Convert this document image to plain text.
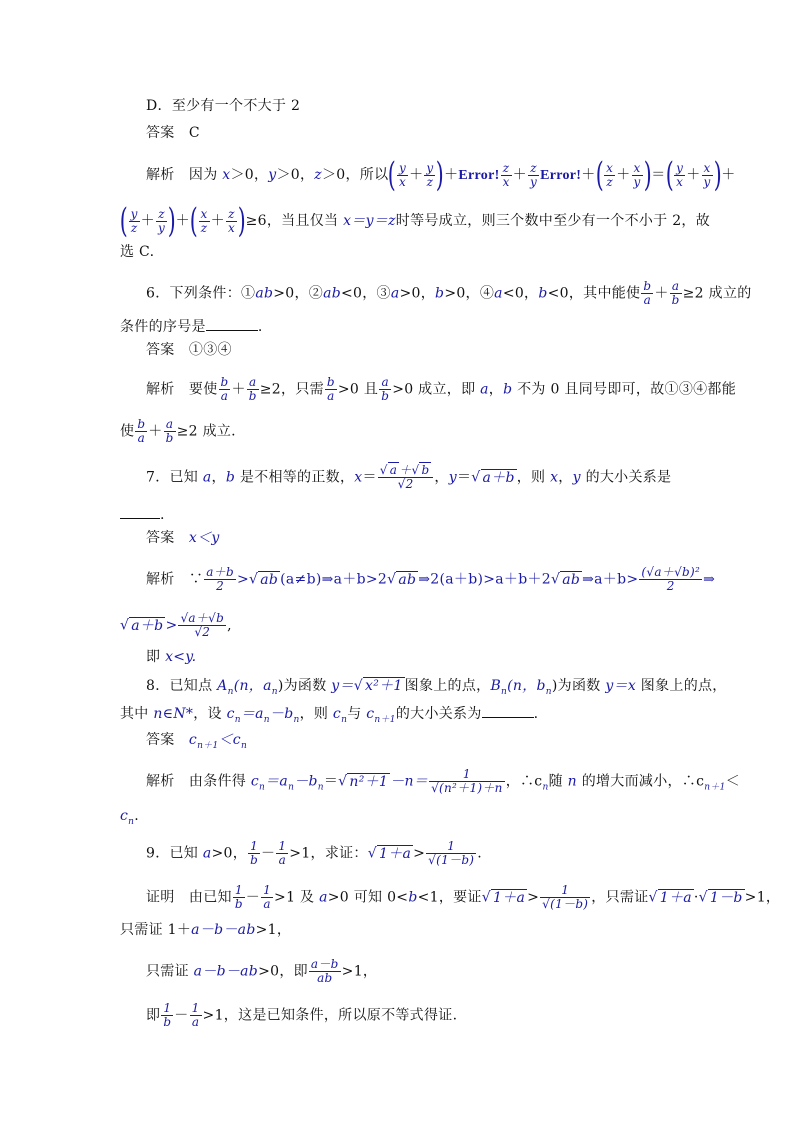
D．至少有一个不大于 2
答案　C
解析　因为 x＞0，y＞0，z＞0，所以( $\frac{y}{x} + \frac{y}{z}$ )＋Error! $\frac{z}{x} + \frac{z}{y}$ Error!＋( $\frac{x}{z} + \frac{x}{y}$ )＝( $\frac{y}{x} + \frac{x}{y}$ )＋
( $\frac{y}{z} + \frac{z}{y}$ )＋( $\frac{x}{z} + \frac{z}{x} )\ge 6$，当且仅当 x＝y＝z时等号成立，则三个数中至少有一个不小于 2，故
选 C.
6．下列条件：①ab>0，②ab<0，③a>0，b>0，④a<0，b<0，其中能使 $\frac{b}{a} + \frac{a}{b} \ge 2$ 成立的
条件的序号是	.
答案　①③④
解析　要使 $\frac{b}{a} + \frac{a}{b} \ge 2$，只需 $\frac{b}{a} >0$ 且 $\frac{a}{b} >0$ 成立，即 a，b 不为 0 且同号即可，故①③④都能
使 $\frac{b}{a} + \frac{a}{b} \ge 2$ 成立.
7．已知 a，b 是不相等的正数，$x= \frac{√ a +√ b}{√2}$ ，y＝√ a＋b ，则 x，y 的大小关系是
.
答案　x＜y
解析　∵ $\frac{a+b}{2}$ >√ ab (a≠b)⇒a＋b>2√ ab ⇒2(a＋b)>a＋b＋2√ ab ⇒a＋b> $\frac{\text{(√a＋√b)²}}{2}$ ⇒
√ $a+b > \frac{√a+√b}{√2}$ ,
即 x<y.
8．已知点 $A_n(n$，$a_n$)为函数 y＝√ x²＋1 图象上的点，$B_n(n$，$b_n$)为函数 y＝x 图象上的点，
其中 n∈N*，设 $c_n=a_n-b_n$，则 $c_n$与 $c_{n+1}$的大小关系为	.
答案　$c_{n+1}<c_n$
解析　由条件得 $c_n=a_n-b_n=√$ $n^2+1 -n= \frac{1}{\text{√(n²＋1)＋n}}$ ，$\therefore c_n$随 n 的增大而减小，$\therefore c_{n+1}<$
$c_n$.
9．已知 a>0， $\frac{1}{b} - \frac{1}{a} >1$，求证：√ $1+a > \frac{1}{√(1-b)}$ .
证明　由已知 $\frac{1}{b} - \frac{1}{a} >1$ 及 a>0 可知 0<b<1，要证√ $1+a > \frac{1}{√(1-b)}$ ，只需证√ 1＋a ·√ 1－b >1，
只需证 1＋a－b－ab>1，
只需证 a－b－ab>0，即 $\frac{a-b}{ab} >1$，
即 $\frac{1}{b} - \frac{1}{a} >1$，这是已知条件，所以原不等式得证.
